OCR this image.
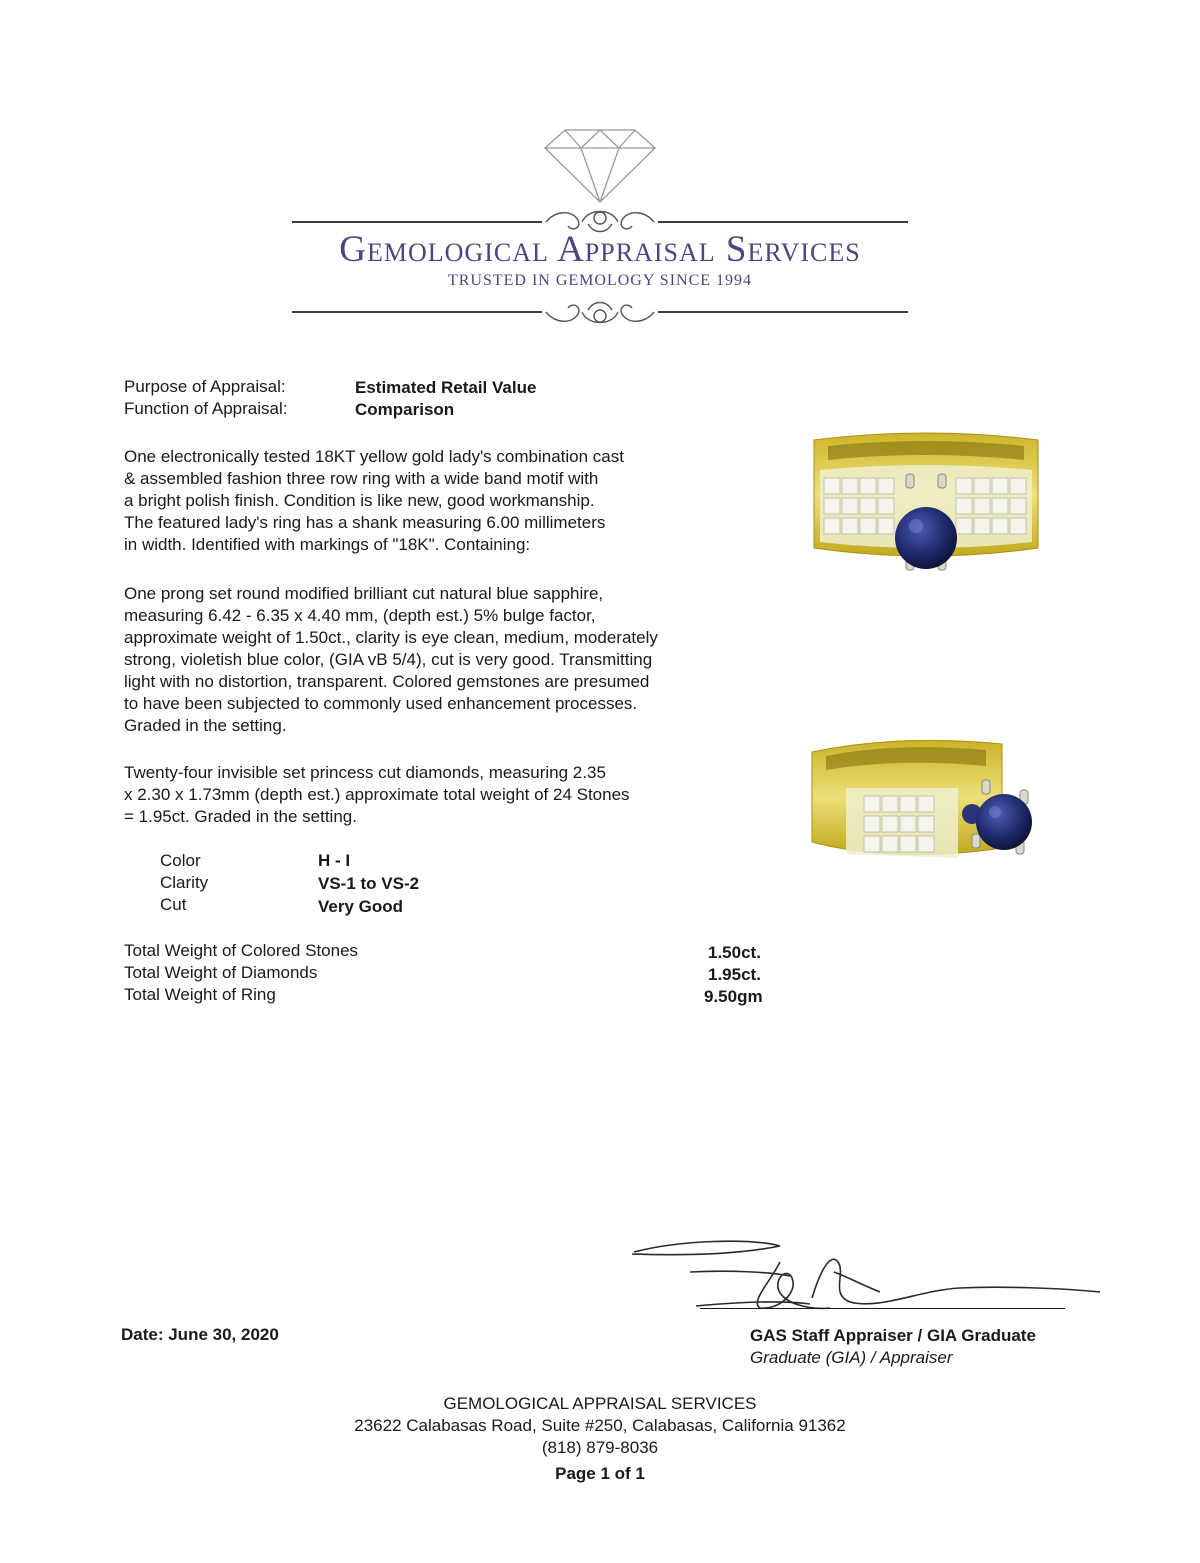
Gemological Appraisal Services
TRUSTED IN GEMOLOGY SINCE 1994
Purpose of Appraisal:	Estimated Retail Value
Function of Appraisal:	Comparison
One electronically tested 18KT yellow gold lady's combination cast
& assembled fashion three row ring with a wide band motif with
a bright polish finish. Condition is like new, good workmanship.
The featured lady's ring has a shank measuring 6.00 millimeters
in width. Identified with markings of "18K". Containing:
One prong set round modified brilliant cut natural blue sapphire,
measuring 6.42 - 6.35 x 4.40 mm, (depth est.) 5% bulge factor,
approximate weight of 1.50ct., clarity is eye clean, medium, moderately
strong, violetish blue color, (GIA vB 5/4), cut is very good. Transmitting
light with no distortion, transparent. Colored gemstones are presumed
to have been subjected to commonly used enhancement processes.
Graded in the setting.
Twenty-four invisible set princess cut diamonds, measuring 2.35
x 2.30 x 1.73mm (depth est.) approximate total weight of 24 Stones
= 1.95ct. Graded in the setting.
Color	H - I
Clarity	VS-1 to VS-2
Cut	Very Good
Total Weight of Colored Stones	1.50ct.
Total Weight of Diamonds	1.95ct.
Total Weight of Ring	9.50gm
Date: June 30, 2020	GAS Staff Appraiser / GIA Graduate
Graduate (GIA) / Appraiser
GEMOLOGICAL APPRAISAL SERVICES
23622 Calabasas Road, Suite #250, Calabasas, California 91362
(818) 879-8036
Page 1 of 1
